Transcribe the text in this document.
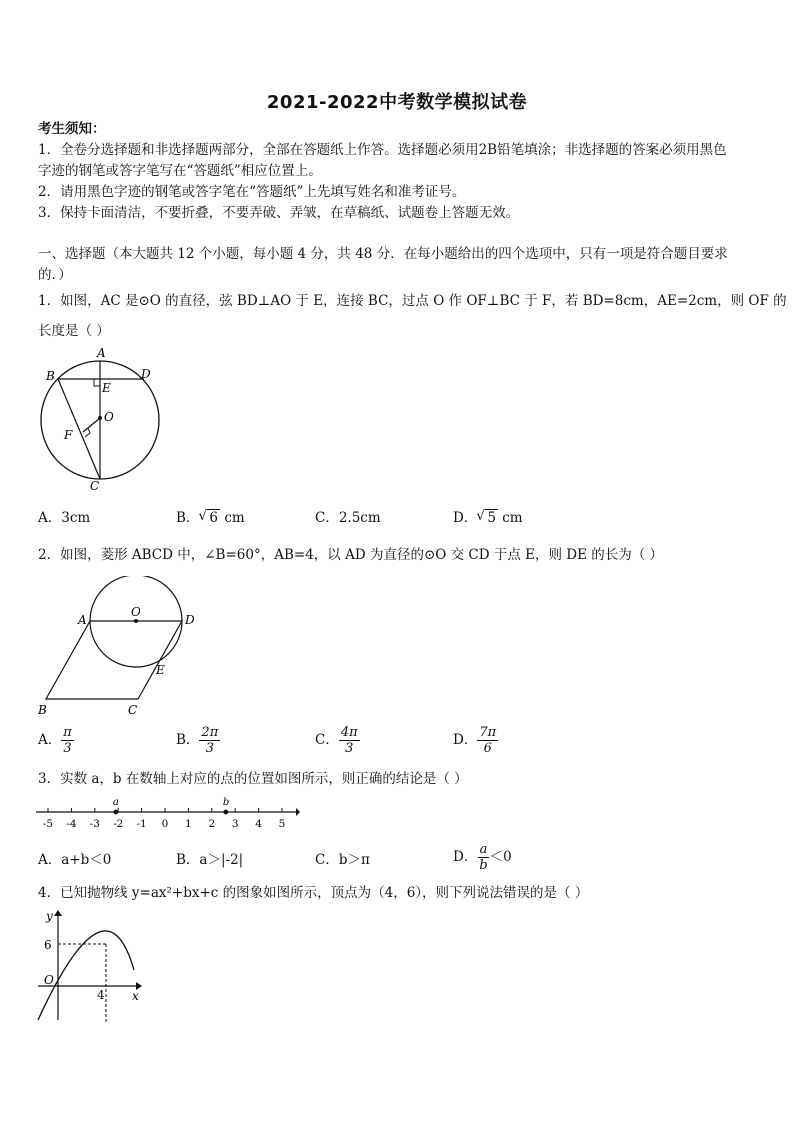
2021-2022中考数学模拟试卷
考生须知：
1．全卷分选择题和非选择题两部分，全部在答题纸上作答。选择题必须用2B铅笔填涂；非选择题的答案必须用黑色
字迹的钢笔或答字笔写在“答题纸”相应位置上。
2．请用黑色字迹的钢笔或答字笔在“答题纸”上先填写姓名和准考证号。
3．保持卡面清洁，不要折叠，不要弄破、弄皱，在草稿纸、试题卷上答题无效。
一、选择题（本大题共 12 个小题，每小题 4 分，共 48 分．在每小题给出的四个选项中，只有一项是符合题目要求
的．）
1．如图，AC 是⊙O 的直径，弦 BD⊥AO 于 E，连接 BC，过点 O 作 OF⊥BC 于 F，若 BD=8cm，AE=2cm，则 OF 的
长度是（ ）
A
B	D
E
O
F
C
A．3cm	B． √ 6 cm	C．2.5cm	D． √ 5 cm
2．如图，菱形 ABCD 中，∠B=60°，AB=4，以 AD 为直径的⊙O 交 CD 于点 E，则 DE 的长为（ ）
O
A	D
E
B	C
A． $\frac{\pi}{3}$	B． $\frac{2\pi}{3}$	C． $\frac{4\pi}{3}$	D． $\frac{7\pi}{6}$
3．实数 a，b 在数轴上对应的点的位置如图所示，则正确的结论是（ ）
-5 -4 -3 -2 -1 0 1 2 3 4 5
a	b
A．a+b＜0	B．a＞|-2|	C．b＞π	D． $\frac{a}{b} <0$
4．已知抛物线 y=ax²+bx+c 的图象如图所示，顶点为（4，6），则下列说法错误的是（ ）
y
x
O
6
4
